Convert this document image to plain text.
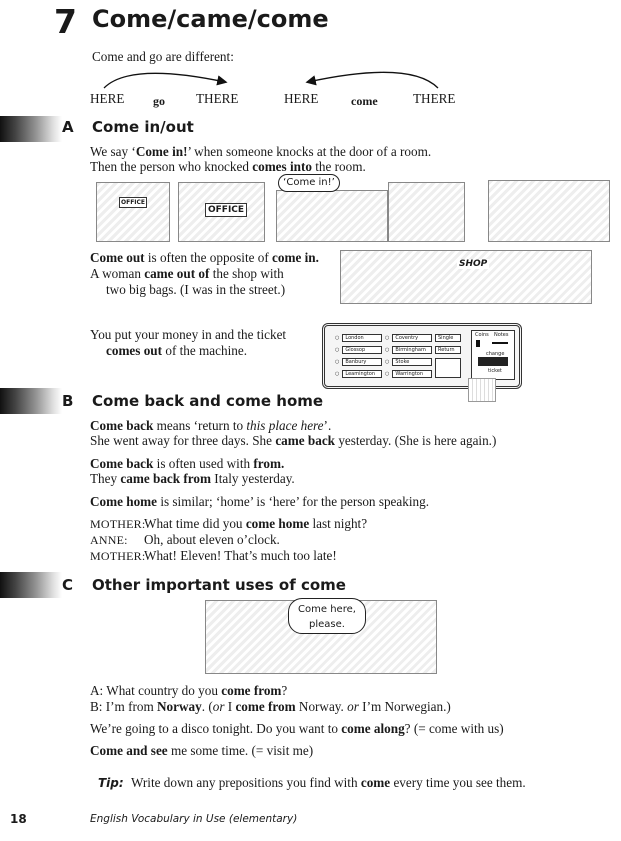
7 Come/came/come
Come and go are different:
HERE go THERE	HERE	come	THERE
A Come in/out
We say ‘Come in!’ when someone knocks at the door of a room.
Then the person who knocked comes into the room.
OFFICE
OFFICE
‘Come in!’
Come out is often the opposite of come in.
A woman came out of the shop with
two big bags. (I was in the street.)
SHOP
You put your money in and the ticket
comes out of the machine.
○	London
○	Glossop
○	Banbury
○	Leamington
○	Coventry
○	Birmingham
○	Stoke
○	Warrington
Single
Return
Coins Notes
change
ticket
B Come back and come home
Come back means ‘return to this place here’.
She went away for three days. She came back yesterday. (She is here again.)
Come back is often used with from.
They came back from Italy yesterday.
Come home is similar; ‘home’ is ‘here’ for the person speaking.
MOTHER:What time did you come home last night?
ANNE: Oh, about eleven o’clock.
MOTHER:What! Eleven! That’s much too late!
C Other important uses of come
Come here, please.
A: What country do you come from?
B: I’m from Norway. (or I come from Norway. or I’m Norwegian.)
We’re going to a disco tonight. Do you want to come along? (= come with us)
Come and see me some time. (= visit me)
Tip: Write down any prepositions you find with come every time you see them.
18	English Vocabulary in Use (elementary)
